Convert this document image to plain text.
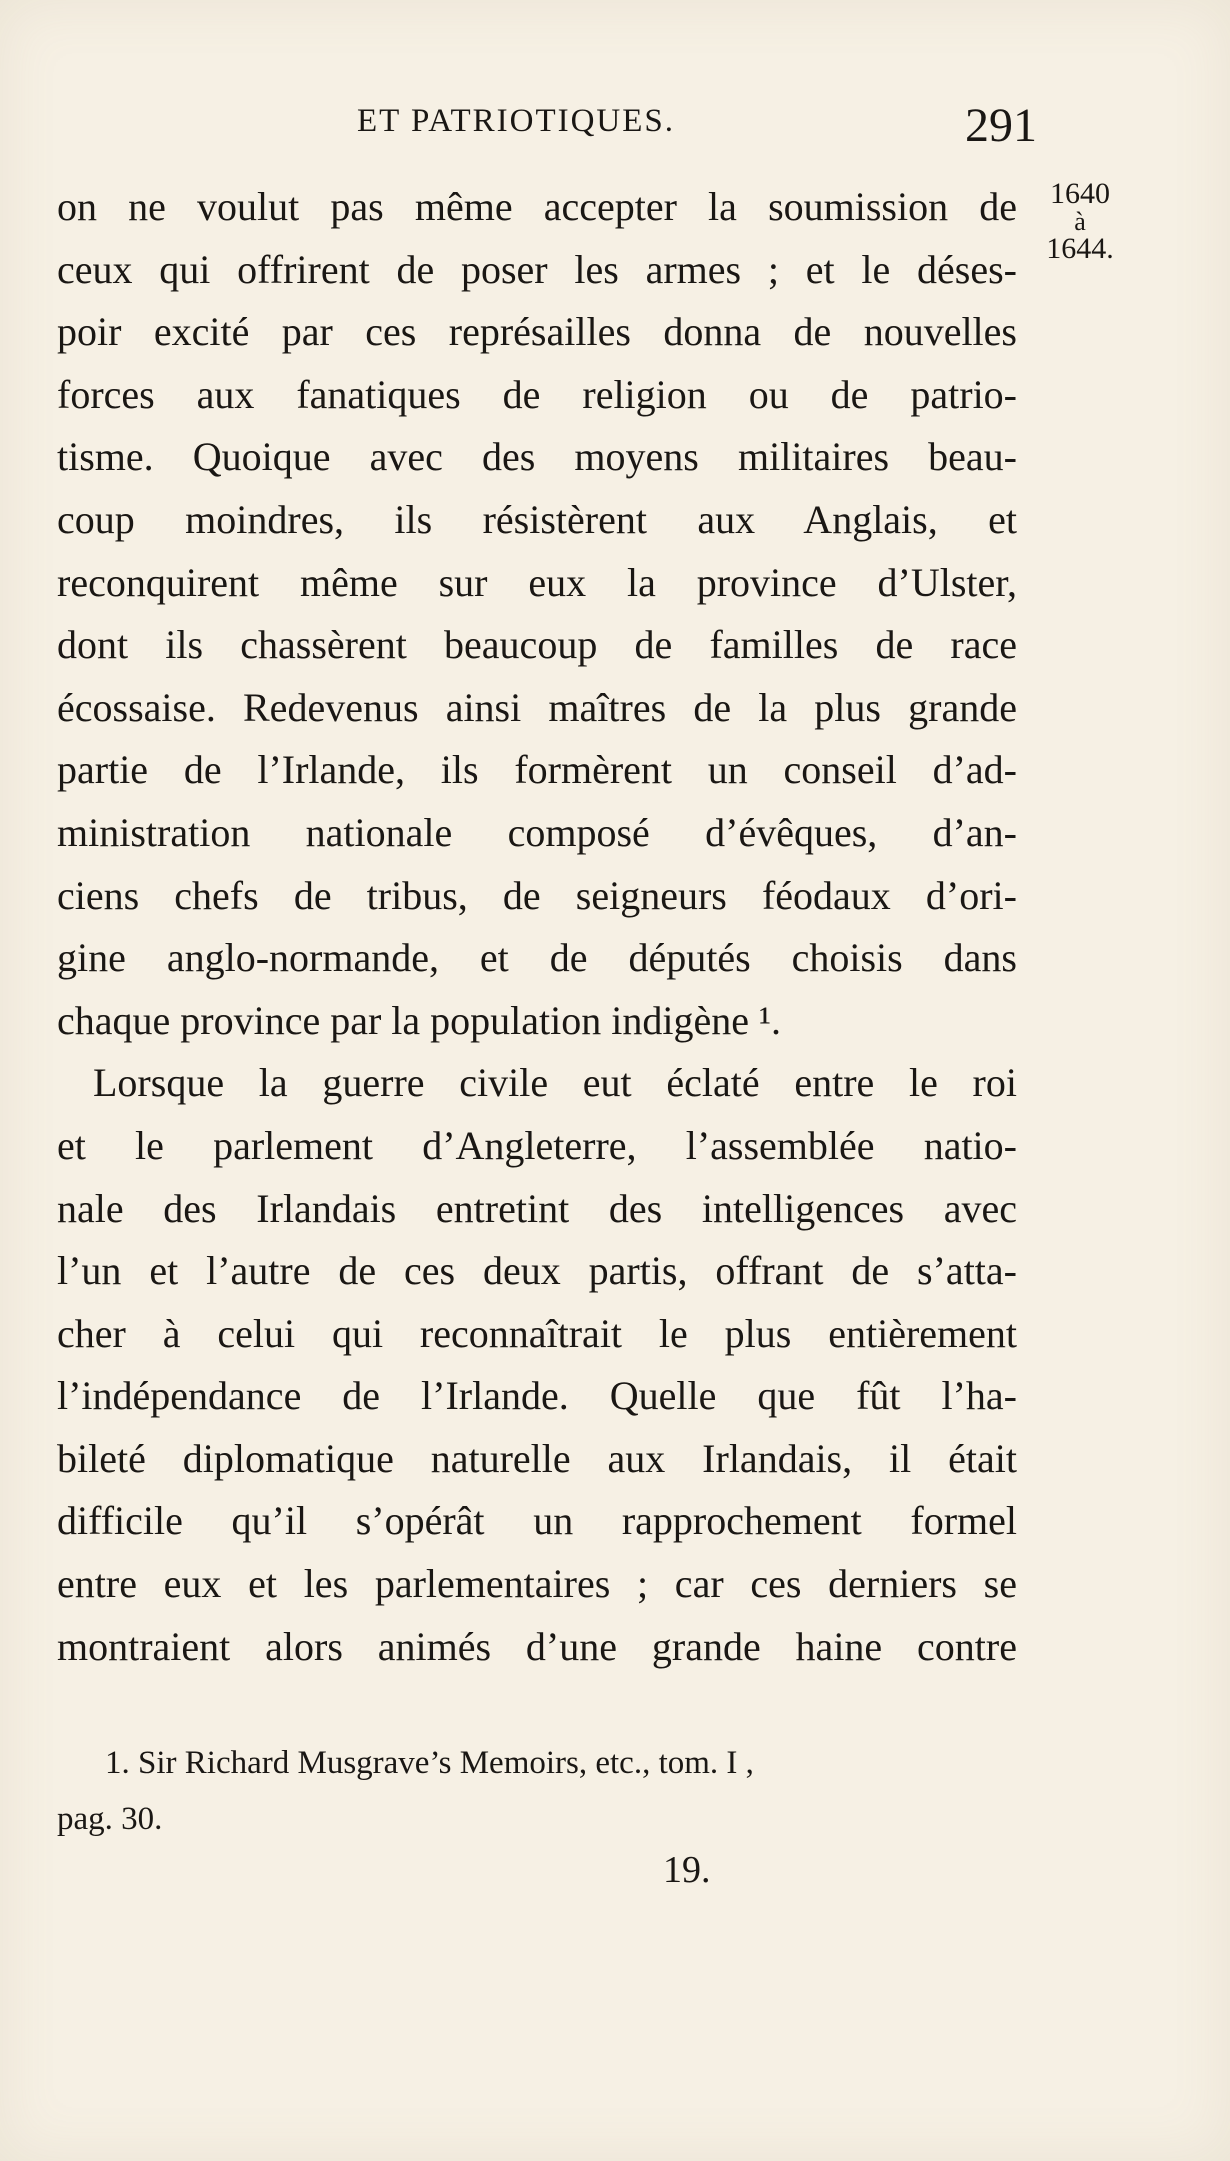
ET PATRIOTIQUES.	291
1640
à
1644.
on ne voulut pas même accepter la soumission de
ceux qui offrirent de poser les armes ; et le déses-
poir excité par ces représailles donna de nouvelles
forces aux fanatiques de religion ou de patrio-
tisme. Quoique avec des moyens militaires beau-
coup moindres, ils résistèrent aux Anglais, et
reconquirent même sur eux la province d’Ulster,
dont ils chassèrent beaucoup de familles de race
écossaise. Redevenus ainsi maîtres de la plus grande
partie de l’Irlande, ils formèrent un conseil d’ad-
ministration nationale composé d’évêques, d’an-
ciens chefs de tribus, de seigneurs féodaux d’ori-
gine anglo-normande, et de députés choisis dans
chaque province par la population indigène ¹.
Lorsque la guerre civile eut éclaté entre le roi
et le parlement d’Angleterre, l’assemblée natio-
nale des Irlandais entretint des intelligences avec
l’un et l’autre de ces deux partis, offrant de s’atta-
cher à celui qui reconnaîtrait le plus entièrement
l’indépendance de l’Irlande. Quelle que fût l’ha-
bileté diplomatique naturelle aux Irlandais, il était
difficile qu’il s’opérât un rapprochement formel
entre eux et les parlementaires ; car ces derniers se
montraient alors animés d’une grande haine contre
1. Sir Richard Musgrave’s Memoirs, etc., tom. I ,
pag. 30.
19.
